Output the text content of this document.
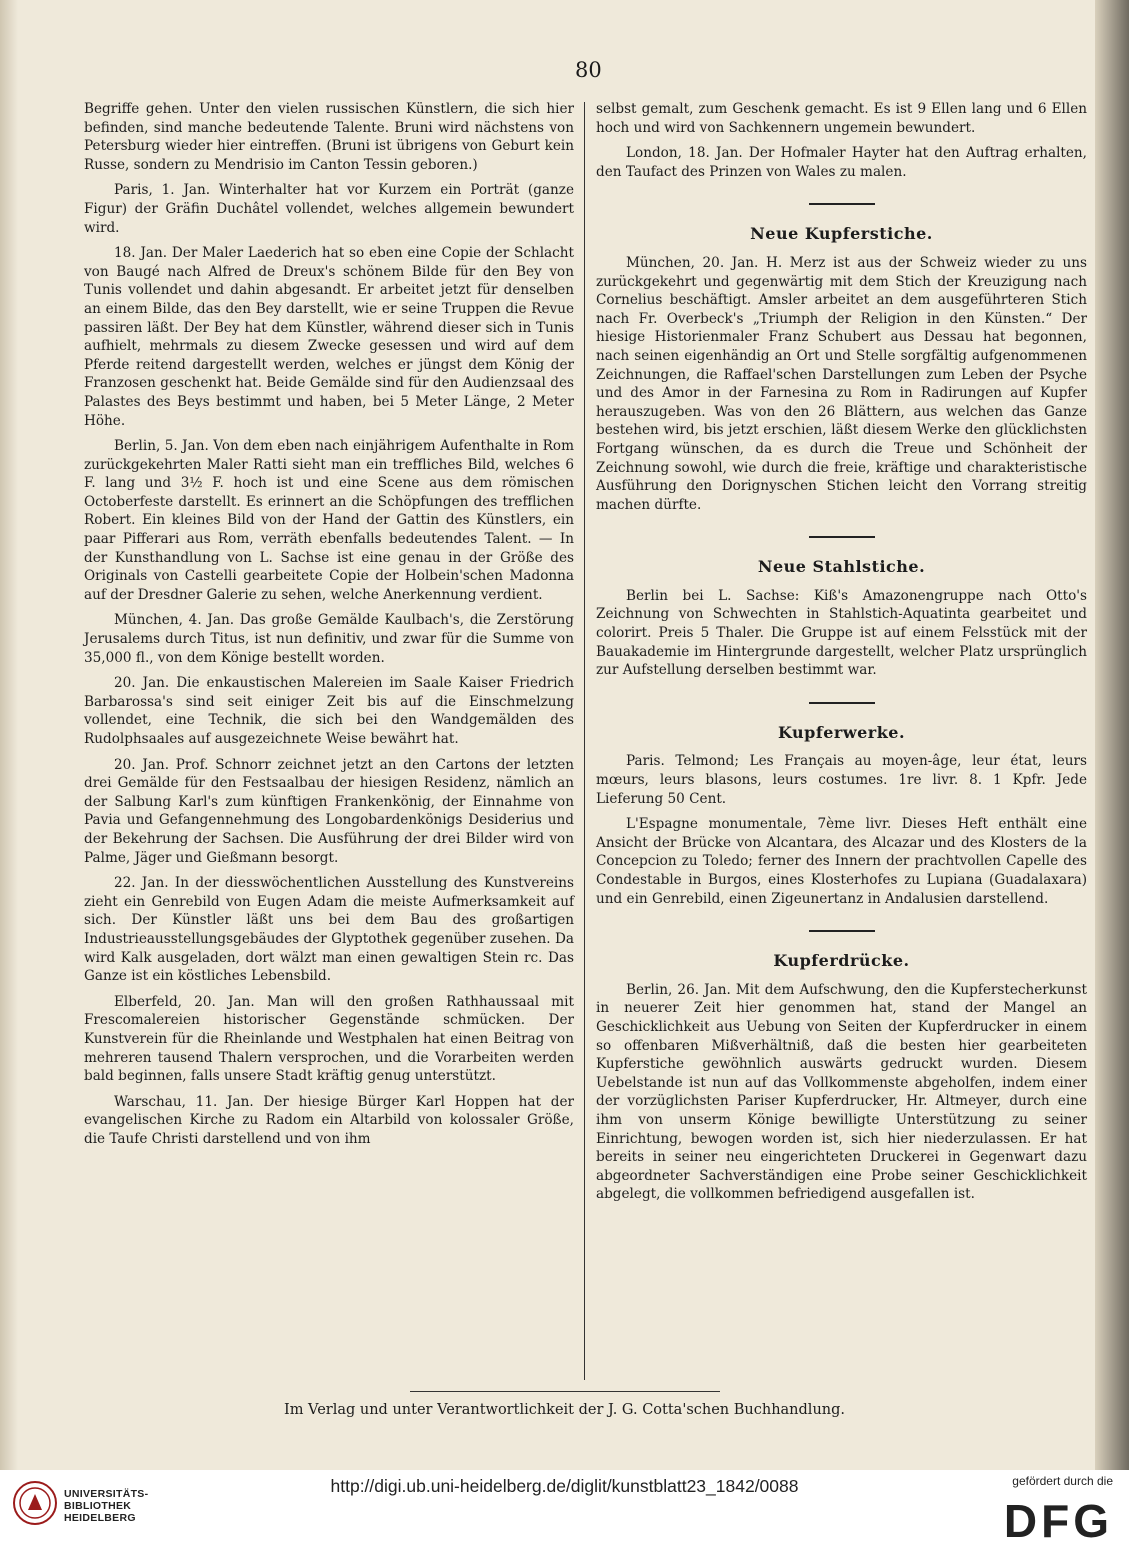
80

Begriffe gehen. Unter den vielen russischen Künstlern, die sich hier befinden, sind manche bedeutende Talente. Bruni wird nächstens von Petersburg wieder hier eintreffen. (Bruni ist übrigens von Geburt kein Russe, sondern zu Mendrisio im Canton Tessin geboren.)

Paris, 1. Jan. Winterhalter hat vor Kurzem ein Porträt (ganze Figur) der Gräfin Duchâtel vollendet, welches allgemein bewundert wird.

18. Jan. Der Maler Laederich hat so eben eine Copie der Schlacht von Baugé nach Alfred de Dreux's schönem Bilde für den Bey von Tunis vollendet und dahin abgesandt. Er arbeitet jetzt für denselben an einem Bilde, das den Bey darstellt, wie er seine Truppen die Revue passiren läßt. Der Bey hat dem Künstler, während dieser sich in Tunis aufhielt, mehrmals zu diesem Zwecke gesessen und wird auf dem Pferde reitend dargestellt werden, welches er jüngst dem König der Franzosen geschenkt hat. Beide Gemälde sind für den Audienzsaal des Palastes des Beys bestimmt und haben, bei 5 Meter Länge, 2 Meter Höhe.

Berlin, 5. Jan. Von dem eben nach einjährigem Aufenthalte in Rom zurückgekehrten Maler Ratti sieht man ein treffliches Bild, welches 6 F. lang und 3½ F. hoch ist und eine Scene aus dem römischen Octoberfeste darstellt. Es erinnert an die Schöpfungen des trefflichen Robert. Ein kleines Bild von der Hand der Gattin des Künstlers, ein paar Pifferari aus Rom, verräth ebenfalls bedeutendes Talent. — In der Kunsthandlung von L. Sachse ist eine genau in der Größe des Originals von Castelli gearbeitete Copie der Holbein'schen Madonna auf der Dresdner Galerie zu sehen, welche Anerkennung verdient.

München, 4. Jan. Das große Gemälde Kaulbach's, die Zerstörung Jerusalems durch Titus, ist nun definitiv, und zwar für die Summe von 35,000 fl., von dem Könige bestellt worden.

20. Jan. Die enkaustischen Malereien im Saale Kaiser Friedrich Barbarossa's sind seit einiger Zeit bis auf die Einschmelzung vollendet, eine Technik, die sich bei den Wandgemälden des Rudolphsaales auf ausgezeichnete Weise bewährt hat.

20. Jan. Prof. Schnorr zeichnet jetzt an den Cartons der letzten drei Gemälde für den Festsaalbau der hiesigen Residenz, nämlich an der Salbung Karl's zum künftigen Frankenkönig, der Einnahme von Pavia und Gefangennehmung des Longobardenkönigs Desiderius und der Bekehrung der Sachsen. Die Ausführung der drei Bilder wird von Palme, Jäger und Gießmann besorgt.

22. Jan. In der diesswöchentlichen Ausstellung des Kunstvereins zieht ein Genrebild von Eugen Adam die meiste Aufmerksamkeit auf sich. Der Künstler läßt uns bei dem Bau des großartigen Industrieausstellungsgebäudes der Glyptothek gegenüber zusehen. Da wird Kalk ausgeladen, dort wälzt man einen gewaltigen Stein rc. Das Ganze ist ein köstliches Lebensbild.

Elberfeld, 20. Jan. Man will den großen Rathhaussaal mit Frescomalereien historischer Gegenstände schmücken. Der Kunstverein für die Rheinlande und Westphalen hat einen Beitrag von mehreren tausend Thalern versprochen, und die Vorarbeiten werden bald beginnen, falls unsere Stadt kräftig genug unterstützt.

Warschau, 11. Jan. Der hiesige Bürger Karl Hoppen hat der evangelischen Kirche zu Radom ein Altarbild von kolossaler Größe, die Taufe Christi darstellend und von ihm

selbst gemalt, zum Geschenk gemacht. Es ist 9 Ellen lang und 6 Ellen hoch und wird von Sachkennern ungemein bewundert.

London, 18. Jan. Der Hofmaler Hayter hat den Auftrag erhalten, den Taufact des Prinzen von Wales zu malen.

Neue Kupferstiche.

München, 20. Jan. H. Merz ist aus der Schweiz wieder zu uns zurückgekehrt und gegenwärtig mit dem Stich der Kreuzigung nach Cornelius beschäftigt. Amsler arbeitet an dem ausgeführteren Stich nach Fr. Overbeck's „Triumph der Religion in den Künsten.“ Der hiesige Historienmaler Franz Schubert aus Dessau hat begonnen, nach seinen eigenhändig an Ort und Stelle sorgfältig aufgenommenen Zeichnungen, die Raffael'schen Darstellungen zum Leben der Psyche und des Amor in der Farnesina zu Rom in Radirungen auf Kupfer herauszugeben. Was von den 26 Blättern, aus welchen das Ganze bestehen wird, bis jetzt erschien, läßt diesem Werke den glücklichsten Fortgang wünschen, da es durch die Treue und Schönheit der Zeichnung sowohl, wie durch die freie, kräftige und charakteristische Ausführung den Dorignyschen Stichen leicht den Vorrang streitig machen dürfte.

Neue Stahlstiche.

Berlin bei L. Sachse: Kiß's Amazonengruppe nach Otto's Zeichnung von Schwechten in Stahlstich-Aquatinta gearbeitet und colorirt. Preis 5 Thaler. Die Gruppe ist auf einem Felsstück mit der Bauakademie im Hintergrunde dargestellt, welcher Platz ursprünglich zur Aufstellung derselben bestimmt war.

Kupferwerke.

Paris. Telmond; Les Français au moyen-âge, leur état, leurs mœurs, leurs blasons, leurs costumes. 1re livr. 8. 1 Kpfr. Jede Lieferung 50 Cent.

L'Espagne monumentale, 7ème livr. Dieses Heft enthält eine Ansicht der Brücke von Alcantara, des Alcazar und des Klosters de la Concepcion zu Toledo; ferner des Innern der prachtvollen Capelle des Condestable in Burgos, eines Klosterhofes zu Lupiana (Guadalaxara) und ein Genrebild, einen Zigeunertanz in Andalusien darstellend.

Kupferdrücke.

Berlin, 26. Jan. Mit dem Aufschwung, den die Kupferstecherkunst in neuerer Zeit hier genommen hat, stand der Mangel an Geschicklichkeit aus Uebung von Seiten der Kupferdrucker in einem so offenbaren Mißverhältniß, daß die besten hier gearbeiteten Kupferstiche gewöhnlich auswärts gedruckt wurden. Diesem Uebelstande ist nun auf das Vollkommenste abgeholfen, indem einer der vorzüglichsten Pariser Kupferdrucker, Hr. Altmeyer, durch eine ihm von unserm Könige bewilligte Unterstützung zu seiner Einrichtung, bewogen worden ist, sich hier niederzulassen. Er hat bereits in seiner neu eingerichteten Druckerei in Gegenwart dazu abgeordneter Sachverständigen eine Probe seiner Geschicklichkeit abgelegt, die vollkommen befriedigend ausgefallen ist.

Im Verlag und unter Verantwortlichkeit der J. G. Cotta'schen Buchhandlung.
UNIVERSITÄTS-
BIBLIOTHEK
HEIDELBERG
http://digi.ub.uni-heidelberg.de/diglit/kunstblatt23_1842/0088	gefördert durch die
DFG
